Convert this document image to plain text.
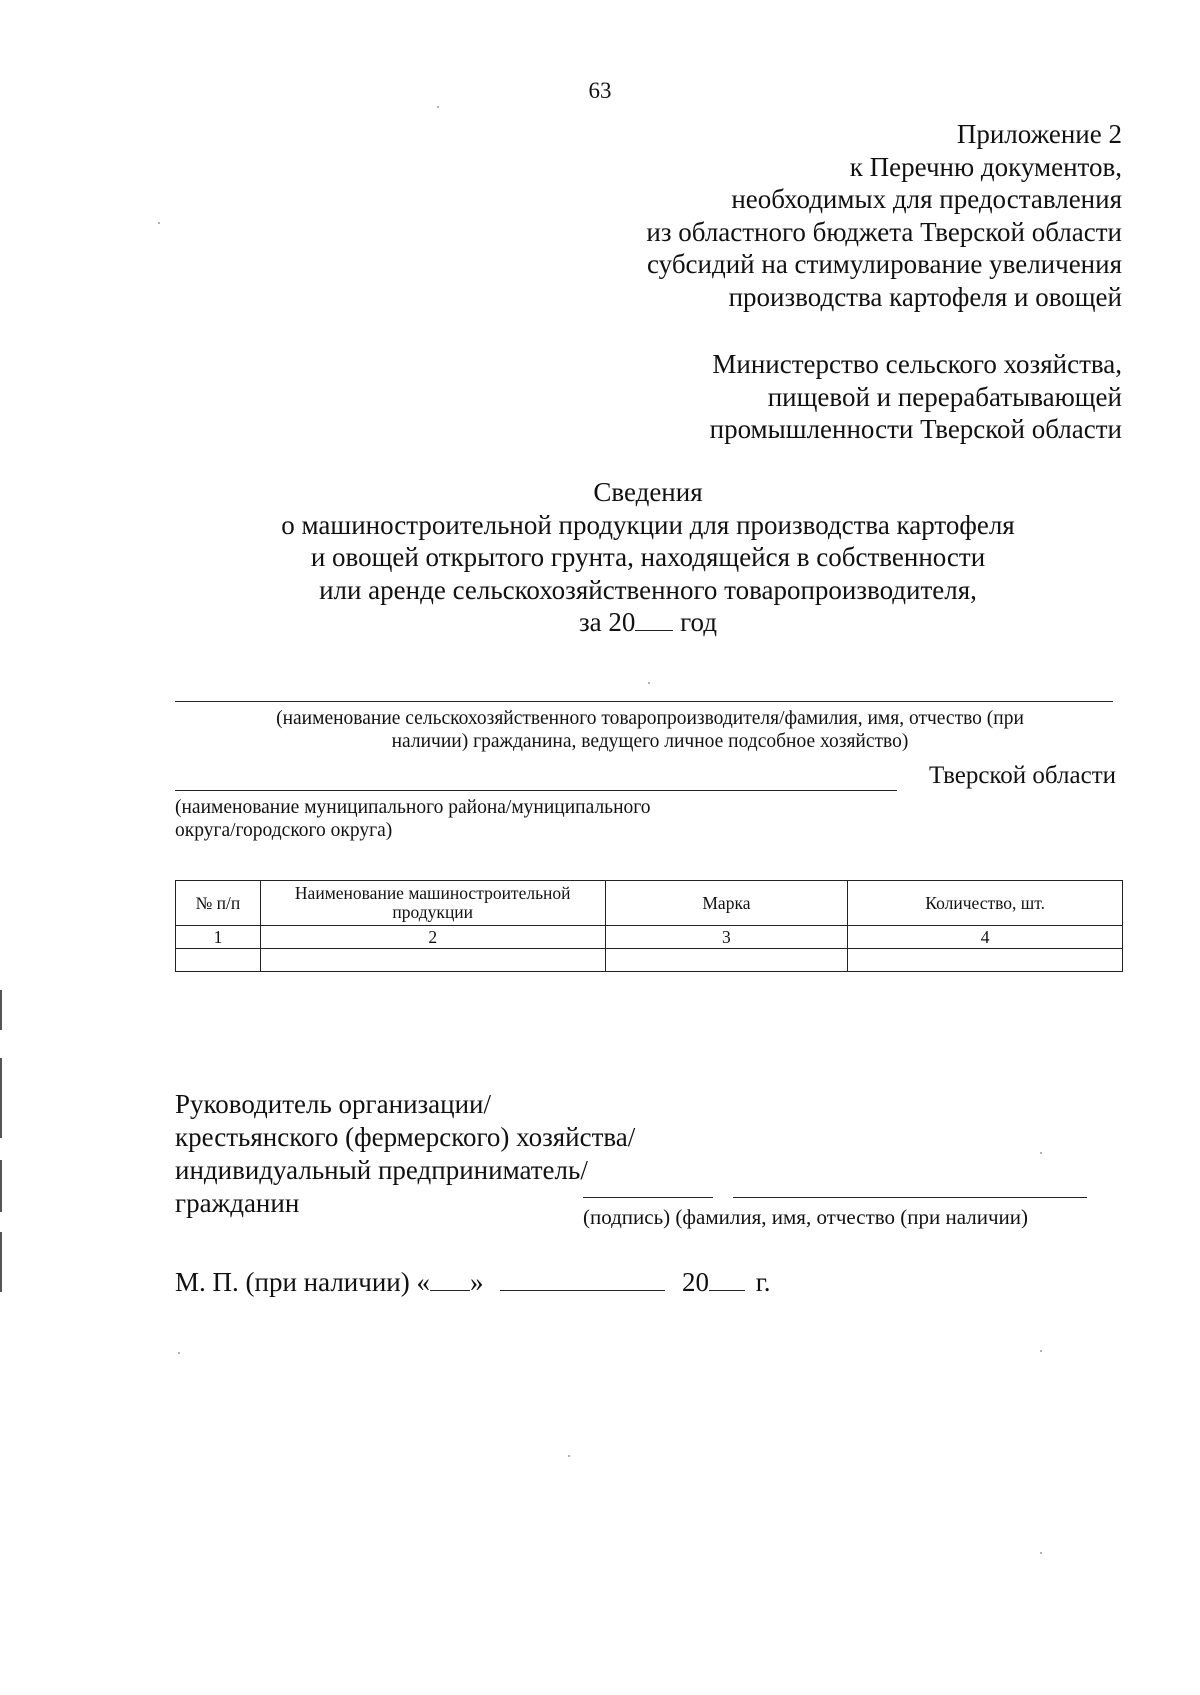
63
Приложение 2
к Перечню документов,
необходимых для предоставления
из областного бюджета Тверской области
субсидий на стимулирование увеличения
производства картофеля и овощей
Министерство сельского хозяйства,
пищевой и перерабатывающей
промышленности Тверской области
Сведения
о машиностроительной продукции для производства картофеля
и овощей открытого грунта, находящейся в собственности
или аренде сельскохозяйственного товаропроизводителя,
за 20 год
(наименование сельскохозяйственного товаропроизводителя/фамилия, имя, отчество (при
наличии) гражданина, ведущего личное подсобное хозяйство)
Тверской области
(наименование муниципального района/муниципального
округа/городского округа)
№ п/п	Наименование машиностроительной продукции	Марка	Количество, шт.
1	2	3	4

Руководитель организации/
крестьянского (фермерского) хозяйства/
индивидуальный предприниматель/
гражданин	(подпись) (фамилия, имя, отчество (при наличии)
М. П. (при наличии) « »	20 г.
